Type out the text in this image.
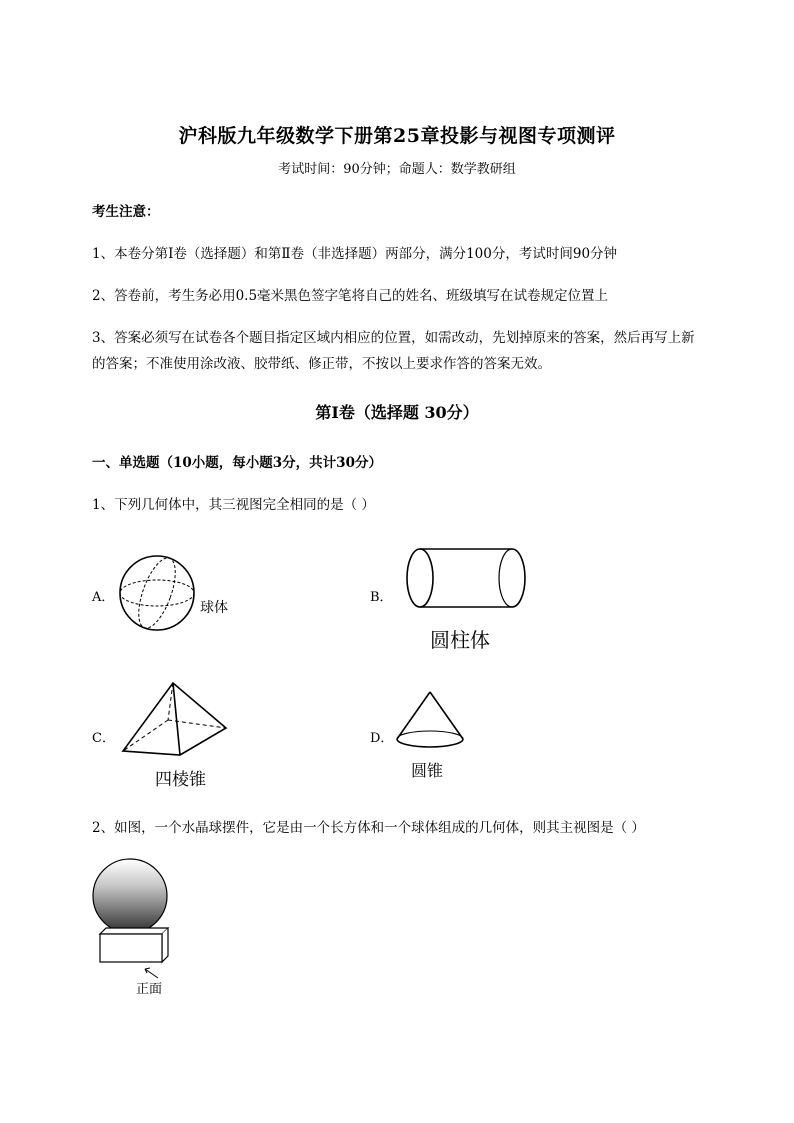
沪科版九年级数学下册第25章投影与视图专项测评
考试时间：90分钟；命题人：数学教研组
考生注意：
1、本卷分第I卷（选择题）和第Ⅱ卷（非选择题）两部分，满分100分，考试时间90分钟
2、答卷前，考生务必用0.5毫米黑色签字笔将自己的姓名、班级填写在试卷规定位置上
3、答案必须写在试卷各个题目指定区域内相应的位置，如需改动，先划掉原来的答案，然后再写上新
的答案；不准使用涂改液、胶带纸、修正带，不按以上要求作答的答案无效。
第I卷（选择题 30分）
一、单选题（10小题，每小题3分，共计30分）
1、下列几何体中，其三视图完全相同的是（ ）
A．
球体
B．
圆柱体
C．
四棱锥
D．
圆锥
2、如图，一个水晶球摆件，它是由一个长方体和一个球体组成的几何体，则其主视图是（ ）
正面
